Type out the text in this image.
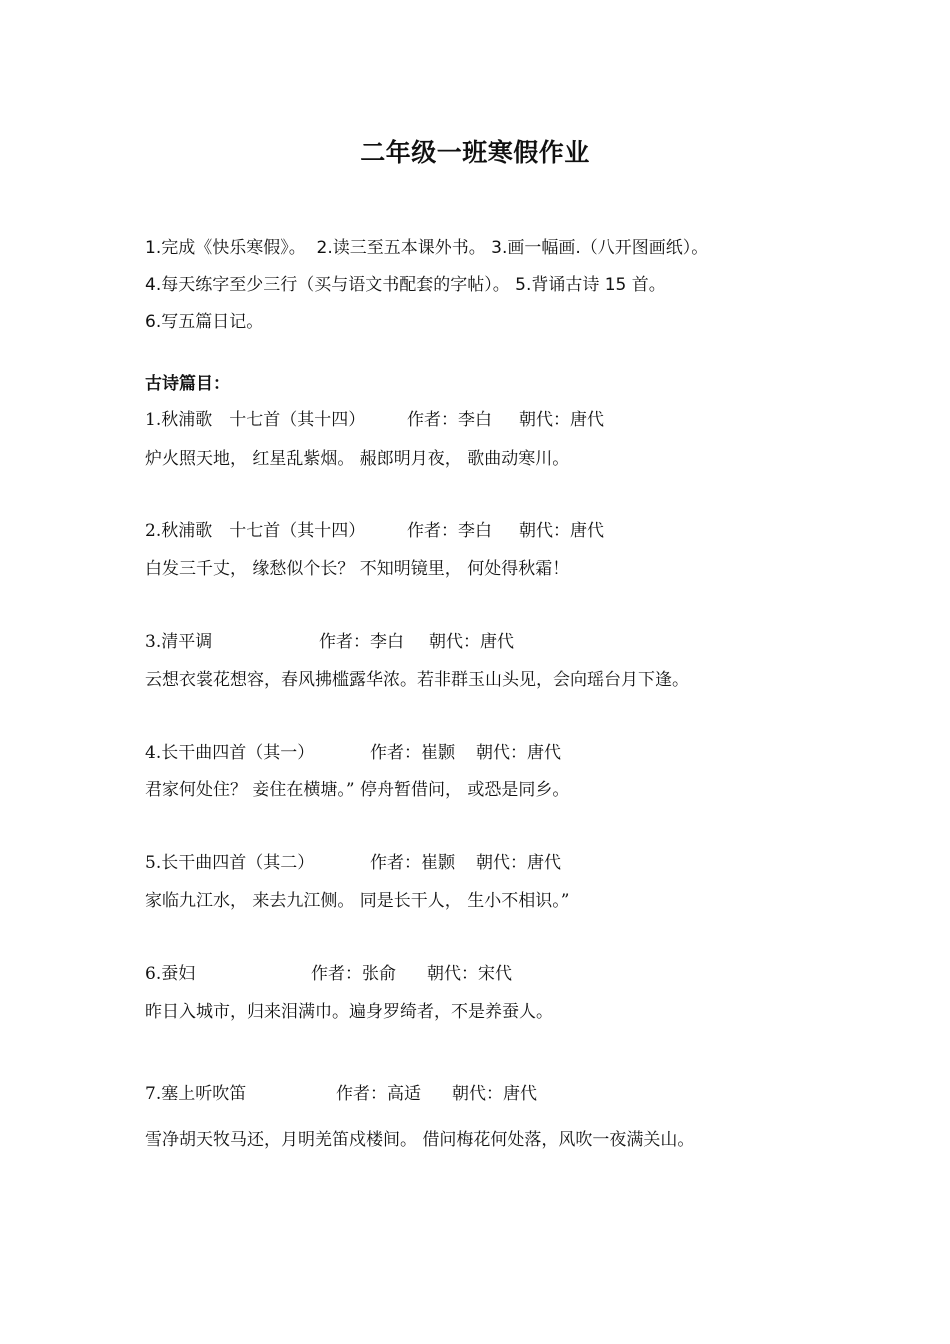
二年级一班寒假作业
1.完成《快乐寒假》。  2.读三至五本课外书。 3.画一幅画.（八开图画纸）。
4.每天练字至少三行（买与语文书配套的字帖）。 5.背诵古诗 15 首。
6.写五篇日记。
古诗篇目：
1.秋浦歌　十七首（其十四） 作者：李白 朝代：唐代
炉火照天地， 红星乱紫烟。 赧郎明月夜， 歌曲动寒川。
2.秋浦歌　十七首（其十四） 作者：李白 朝代：唐代
白发三千丈， 缘愁似个长？ 不知明镜里， 何处得秋霜！
3.清平调	作者：李白 朝代：唐代
云想衣裳花想容，春风拂槛露华浓。若非群玉山头见，会向瑶台月下逢。
4.长干曲四首（其一）	作者：崔颢 朝代：唐代
君家何处住？ 妾住在横塘。” 停舟暂借问， 或恐是同乡。
5.长干曲四首（其二）	作者：崔颢 朝代：唐代
家临九江水， 来去九江侧。 同是长干人， 生小不相识。”
6.蚕妇	作者：张俞 朝代：宋代
昨日入城市，归来泪满巾。遍身罗绮者，不是养蚕人。
7.塞上听吹笛	作者：高适 朝代：唐代
雪净胡天牧马还，月明羌笛戍楼间。 借问梅花何处落，风吹一夜满关山。
